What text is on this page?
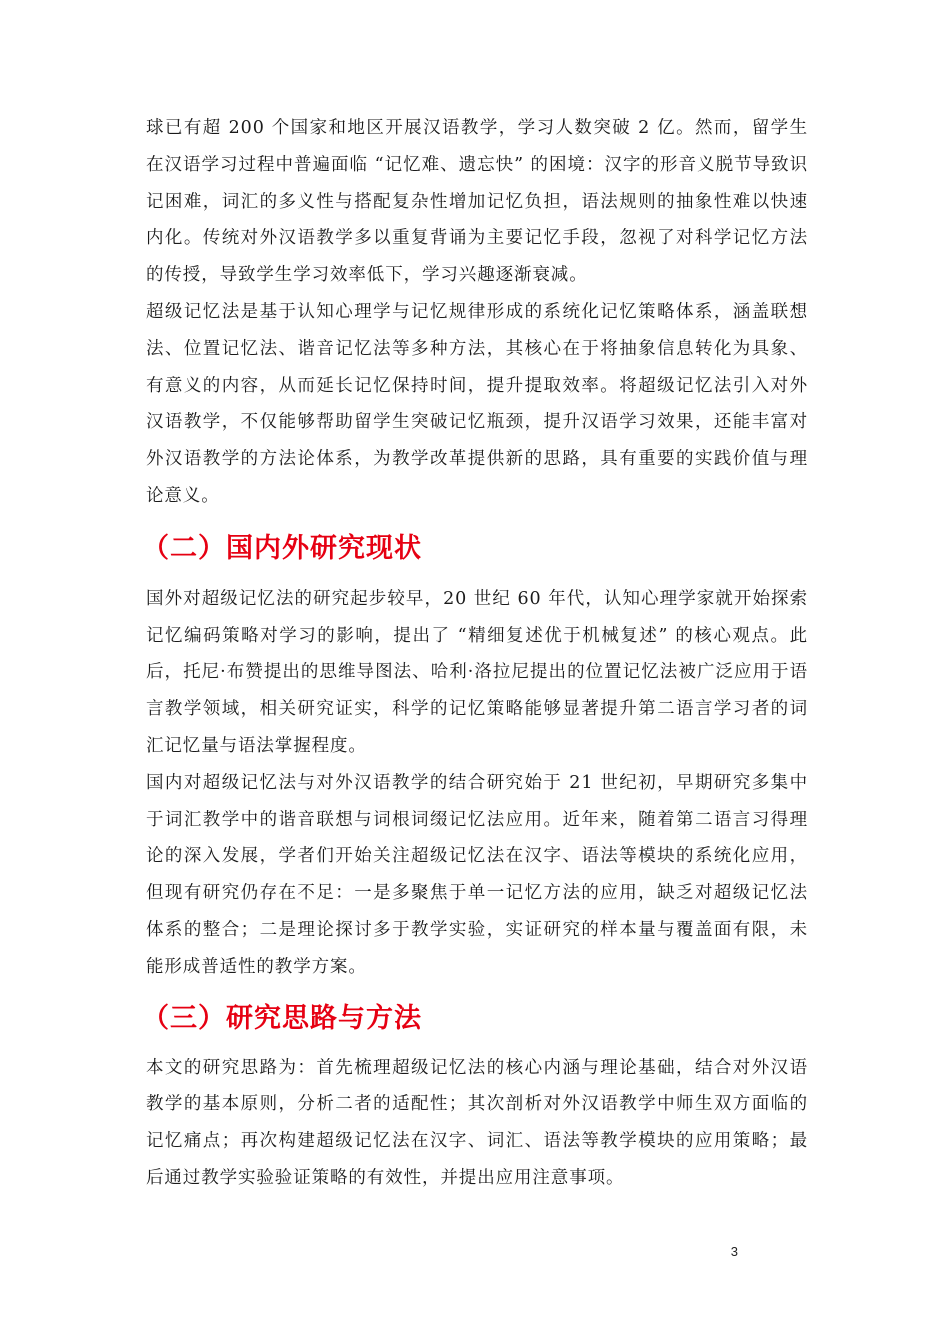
球已有超 200 个国家和地区开展汉语教学，学习人数突破 2 亿。然而，留学生在汉语学习过程中普遍面临 “记忆难、遗忘快” 的困境：汉字的形音义脱节导致识记困难，词汇的多义性与搭配复杂性增加记忆负担，语法规则的抽象性难以快速内化。传统对外汉语教学多以重复背诵为主要记忆手段，忽视了对科学记忆方法的传授，导致学生学习效率低下，学习兴趣逐渐衰减。

超级记忆法是基于认知心理学与记忆规律形成的系统化记忆策略体系，涵盖联想法、位置记忆法、谐音记忆法等多种方法，其核心在于将抽象信息转化为具象、有意义的内容，从而延长记忆保持时间，提升提取效率。将超级记忆法引入对外汉语教学，不仅能够帮助留学生突破记忆瓶颈，提升汉语学习效果，还能丰富对外汉语教学的方法论体系，为教学改革提供新的思路，具有重要的实践价值与理论意义。

（二）国内外研究现状

国外对超级记忆法的研究起步较早，20 世纪 60 年代，认知心理学家就开始探索记忆编码策略对学习的影响，提出了 “精细复述优于机械复述” 的核心观点。此后，托尼·布赞提出的思维导图法、哈利·洛拉尼提出的位置记忆法被广泛应用于语言教学领域，相关研究证实，科学的记忆策略能够显著提升第二语言学习者的词汇记忆量与语法掌握程度。

国内对超级记忆法与对外汉语教学的结合研究始于 21 世纪初，早期研究多集中于词汇教学中的谐音联想与词根词缀记忆法应用。近年来，随着第二语言习得理论的深入发展，学者们开始关注超级记忆法在汉字、语法等模块的系统化应用，但现有研究仍存在不足：一是多聚焦于单一记忆方法的应用，缺乏对超级记忆法体系的整合；二是理论探讨多于教学实验，实证研究的样本量与覆盖面有限，未能形成普适性的教学方案。

（三）研究思路与方法

本文的研究思路为：首先梳理超级记忆法的核心内涵与理论基础，结合对外汉语教学的基本原则，分析二者的适配性；其次剖析对外汉语教学中师生双方面临的记忆痛点；再次构建超级记忆法在汉字、词汇、语法等教学模块的应用策略；最后通过教学实验验证策略的有效性，并提出应用注意事项。

3
